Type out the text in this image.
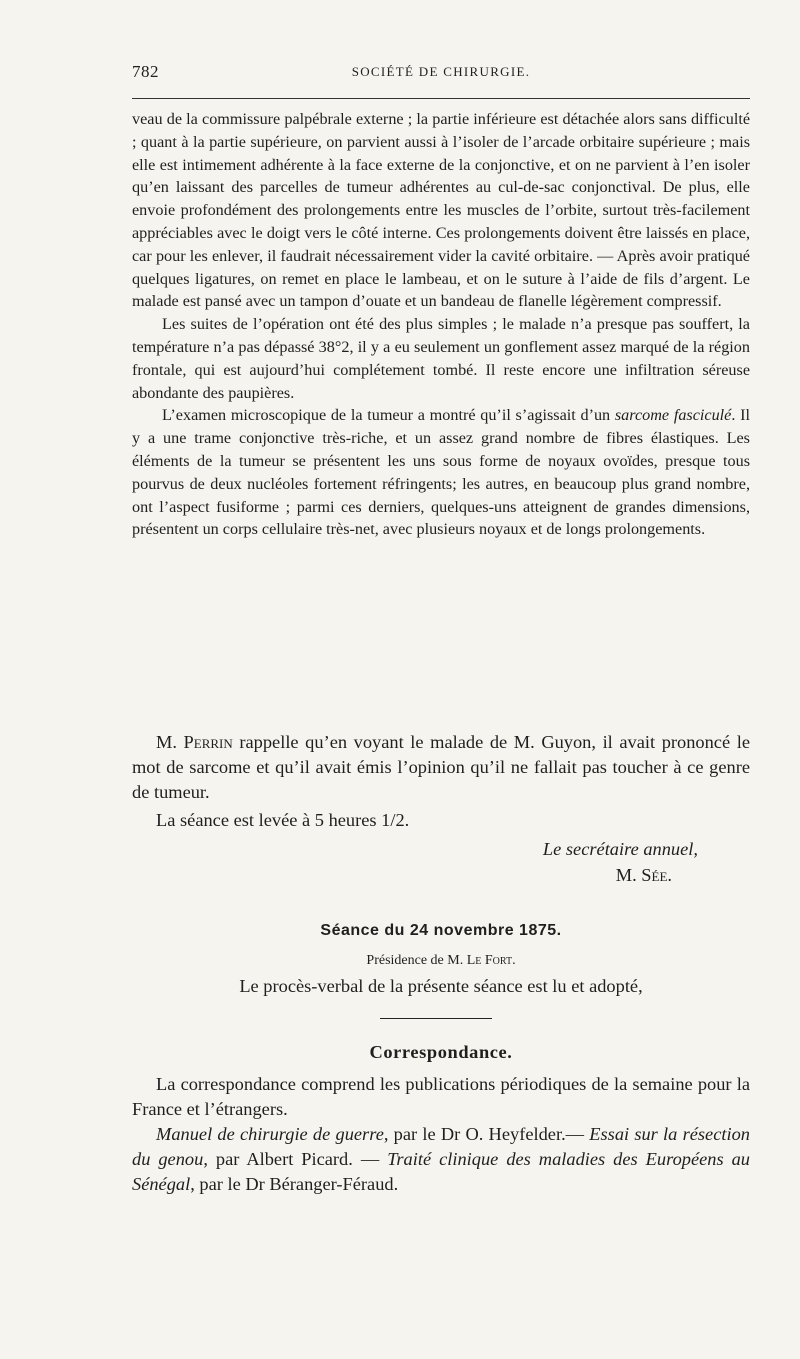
782	SOCIÉTÉ DE CHIRURGIE.

veau de la commissure palpébrale externe ; la partie inférieure est détachée alors sans difficulté ; quant à la partie supérieure, on parvient aussi à l’isoler de l’arcade orbitaire supérieure ; mais elle est intimement adhérente à la face externe de la conjonctive, et on ne parvient à l’en isoler qu’en laissant des parcelles de tumeur adhérentes au cul-de-sac conjonctival. De plus, elle envoie profondément des prolongements entre les muscles de l’orbite, surtout très-facilement appréciables avec le doigt vers le côté interne. Ces prolongements doivent être laissés en place, car pour les enlever, il faudrait nécessairement vider la cavité orbitaire. — Après avoir pratiqué quelques ligatures, on remet en place le lambeau, et on le suture à l’aide de fils d’argent. Le malade est pansé avec un tampon d’ouate et un bandeau de flanelle légèrement compressif.

Les suites de l’opération ont été des plus simples ; le malade n’a presque pas souffert, la température n’a pas dépassé 38°2, il y a eu seulement un gonflement assez marqué de la région frontale, qui est aujourd’hui complétement tombé. Il reste encore une infiltration séreuse abondante des paupières.

L’examen microscopique de la tumeur a montré qu’il s’agissait d’un sarcome fasciculé. Il y a une trame conjonctive très-riche, et un assez grand nombre de fibres élastiques. Les éléments de la tumeur se présentent les uns sous forme de noyaux ovoïdes, presque tous pourvus de deux nucléoles fortement réfringents; les autres, en beaucoup plus grand nombre, ont l’aspect fusiforme ; parmi ces derniers, quelques-uns atteignent de grandes dimensions, présentent un corps cellulaire très-net, avec plusieurs noyaux et de longs prolongements.

M. Perrin rappelle qu’en voyant le malade de M. Guyon, il avait prononcé le mot de sarcome et qu’il avait émis l’opinion qu’il ne fallait pas toucher à ce genre de tumeur.

La séance est levée à 5 heures 1/2.

Le secrétaire annuel,
M. Sée.
Séance du 24 novembre 1875.
Présidence de M. Le Fort.
Le procès-verbal de la présente séance est lu et adopté,
Correspondance.

La correspondance comprend les publications périodiques de la semaine pour la France et l’étrangers.

Manuel de chirurgie de guerre, par le Dr O. Heyfelder.— Essai sur la résection du genou, par Albert Picard. — Traité clinique des maladies des Européens au Sénégal, par le Dr Béranger-Féraud.
